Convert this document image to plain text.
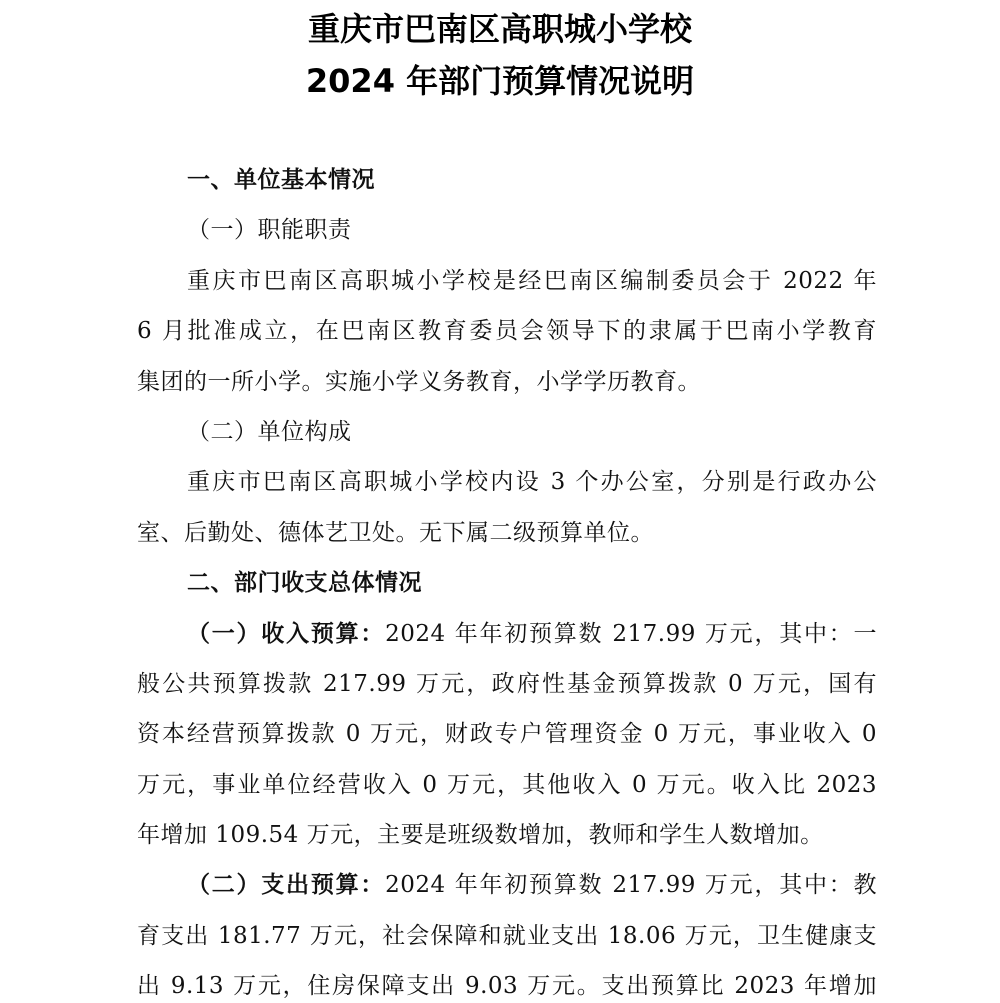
重庆市巴南区高职城小学校
2024 年部门预算情况说明
一、单位基本情况
（一）职能职责
重庆市巴南区高职城小学校是经巴南区编制委员会于 2022 年
6 月批准成立，在巴南区教育委员会领导下的隶属于巴南小学教育
集团的一所小学。实施小学义务教育，小学学历教育。
（二）单位构成
重庆市巴南区高职城小学校内设 3 个办公室，分别是行政办公
室、后勤处、德体艺卫处。无下属二级预算单位。
二、部门收支总体情况
（一）收入预算：2024 年年初预算数 217.99 万元，其中：一
般公共预算拨款 217.99 万元，政府性基金预算拨款 0 万元，国有
资本经营预算拨款 0 万元，财政专户管理资金 0 万元，事业收入 0
万元，事业单位经营收入 0 万元，其他收入 0 万元。收入比 2023
年增加 109.54 万元，主要是班级数增加，教师和学生人数增加。
（二）支出预算：2024 年年初预算数 217.99 万元，其中：教
育支出 181.77 万元，社会保障和就业支出 18.06 万元，卫生健康支
出 9.13 万元，住房保障支出 9.03 万元。支出预算比 2023 年增加
